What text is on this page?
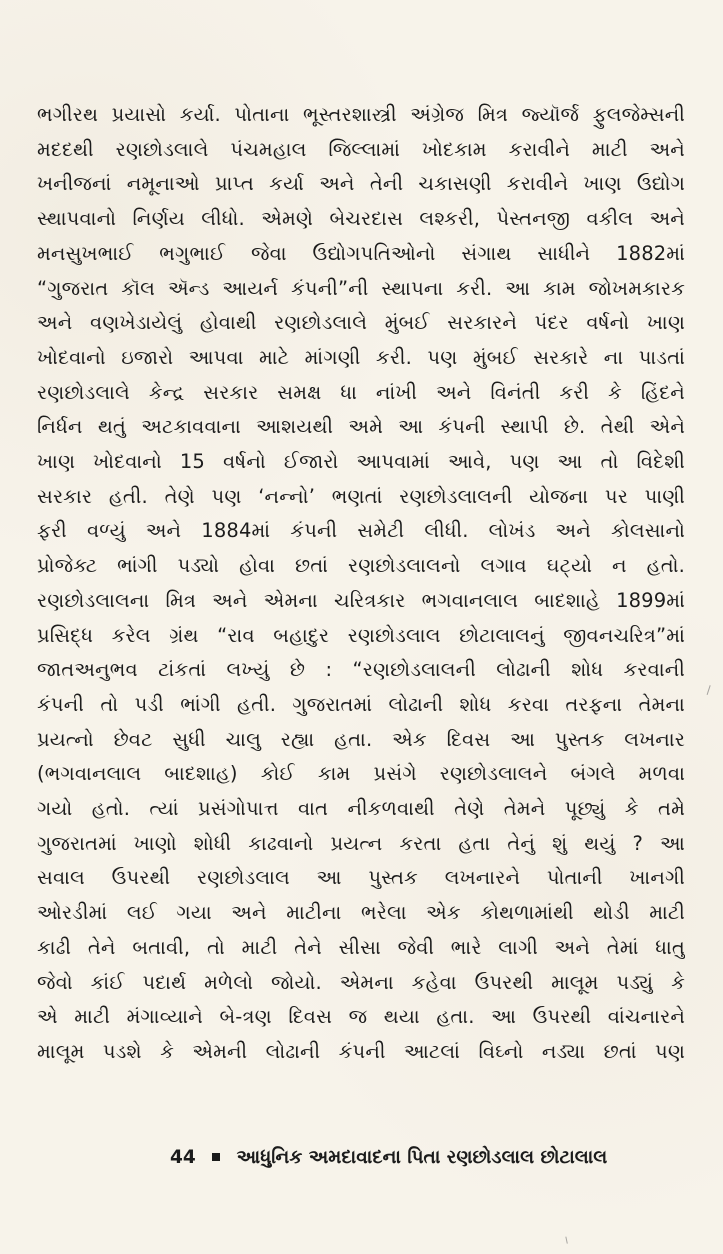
ભગીરથ પ્રયાસો કર્યા. પોતાના ભૂસ્તરશાસ્ત્રી અંગ્રેજ મિત્ર જ્યૉર્જ ફુલજેમ્સની
મદદથી રણછોડલાલે પંચમહાલ જિલ્લામાં ખોદકામ કરાવીને માટી અને
ખનીજનાં નમૂનાઓ પ્રાપ્ત કર્યા અને તેની ચકાસણી કરાવીને ખાણ ઉદ્યોગ
સ્થાપવાનો નિર્ણય લીધો. એમણે બેચરદાસ લશ્કરી, પેસ્તનજી વકીલ અને
મનસુખભાઈ ભગુભાઈ જેવા ઉદ્યોગપતિઓનો સંગાથ સાધીને 1882માં
“ગુજરાત કૉલ ઍન્ડ આયર્ન કંપની”ની સ્થાપના કરી. આ કામ જોખમકારક
અને વણખેડાયેલું હોવાથી રણછોડલાલે મુંબઈ સરકારને પંદર વર્ષનો ખાણ
ખોદવાનો ઇજારો આપવા માટે માંગણી કરી. પણ મુંબઈ સરકારે ના પાડતાં
રણછોડલાલે કેન્દ્ર સરકાર સમક્ષ ધા નાંખી અને વિનંતી કરી કે હિંદને
નિર્ધન થતું અટકાવવાના આશયથી અમે આ કંપની સ્થાપી છે. તેથી એને
ખાણ ખોદવાનો 15 વર્ષનો ઈજારો આપવામાં આવે, પણ આ તો વિદેશી
સરકાર હતી. તેણે પણ ‘નન્નો’ ભણતાં રણછોડલાલની યોજના પર પાણી
ફરી વળ્યું અને 1884માં કંપની સમેટી લીધી. લોખંડ અને કોલસાનો
પ્રોજેક્ટ ભાંગી પડ્યો હોવા છતાં રણછોડલાલનો લગાવ ઘટ્યો ન હતો.
રણછોડલાલના મિત્ર અને એમના ચરિત્રકાર ભગવાનલાલ બાદશાહે 1899માં
પ્રસિદ્ધ કરેલ ગ્રંથ “રાવ બહાદુર રણછોડલાલ છોટાલાલનું જીવનચરિત્ર”માં
જાતઅનુભવ ટાંકતાં લખ્યું છે : “રણછોડલાલની લોઢાની શોધ કરવાની
કંપની તો પડી ભાંગી હતી. ગુજરાતમાં લોઢાની શોધ કરવા તરફના તેમના
પ્રયત્નો છેવટ સુધી ચાલુ રહ્યા હતા. એક દિવસ આ પુસ્તક લખનાર
(ભગવાનલાલ બાદશાહ) કોઈ કામ પ્રસંગે રણછોડલાલને બંગલે મળવા
ગયો હતો. ત્યાં પ્રસંગોપાત્ત વાત નીકળવાથી તેણે તેમને પૂછ્યું કે તમે
ગુજરાતમાં ખાણો શોધી કાઢવાનો પ્રયત્ન કરતા હતા તેનું શું થયું ? આ
સવાલ ઉપરથી રણછોડલાલ આ પુસ્તક લખનારને પોતાની ખાનગી
ઓરડીમાં લઈ ગયા અને માટીના ભરેલા એક કોથળામાંથી થોડી માટી
કાઢી તેને બતાવી, તો માટી તેને સીસા જેવી ભારે લાગી અને તેમાં ધાતુ
જેવો કાંઈ પદાર્થ મળેલો જોયો. એમના કહેવા ઉપરથી માલૂમ પડ્યું કે
એ માટી મંગાવ્યાને બે-ત્રણ દિવસ જ થયા હતા. આ ઉપરથી વાંચનારને
માલૂમ પડશે કે એમની લોઢાની કંપની આટલાં વિઘ્નો નડ્યા છતાં પણ
44 આધુનિક અમદાવાદના પિતા રણછોડલાલ છોટાલાલ
